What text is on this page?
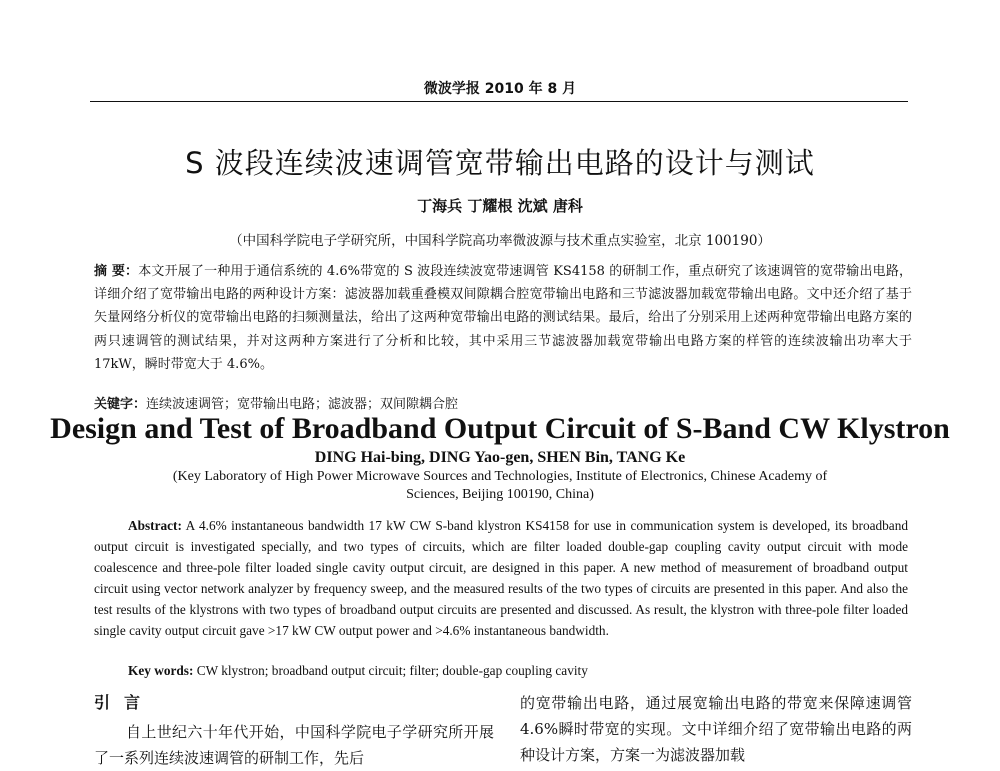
微波学报 2010 年 8 月
S 波段连续波速调管宽带输出电路的设计与测试
丁海兵 丁耀根 沈斌 唐科
（中国科学院电子学研究所，中国科学院高功率微波源与技术重点实验室，北京 100190）
摘 要：本文开展了一种用于通信系统的 4.6%带宽的 S 波段连续波宽带速调管 KS4158 的研制工作，重点研究了该速调管的宽带输出电路，详细介绍了宽带输出电路的两种设计方案：滤波器加载重叠模双间隙耦合腔宽带输出电路和三节滤波器加载宽带输出电路。文中还介绍了基于矢量网络分析仪的宽带输出电路的扫频测量法，给出了这两种宽带输出电路的测试结果。最后，给出了分别采用上述两种宽带输出电路方案的两只速调管的测试结果，并对这两种方案进行了分析和比较，其中采用三节滤波器加载宽带输出电路方案的样管的连续波输出功率大于 17kW，瞬时带宽大于 4.6%。
关键字：连续波速调管；宽带输出电路；滤波器；双间隙耦合腔
Design and Test of Broadband Output Circuit of S-Band CW Klystron
DING Hai-bing, DING Yao-gen, SHEN Bin, TANG Ke
(Key Laboratory of High Power Microwave Sources and Technologies, Institute of Electronics, Chinese Academy of
Sciences, Beijing 100190, China)
Abstract: A 4.6% instantaneous bandwidth 17 kW CW S-band klystron KS4158 for use in communication system is developed, its broadband output circuit is investigated specially, and two types of circuits, which are filter loaded double-gap coupling cavity output circuit with mode coalescence and three-pole filter loaded single cavity output circuit, are designed in this paper. A new method of measurement of broadband output circuit using vector network analyzer by frequency sweep, and the measured results of the two types of circuits are presented in this paper. And also the test results of the klystrons with two types of broadband output circuits are presented and discussed. As result, the klystron with three-pole filter loaded single cavity output circuit gave >17 kW CW output power and >4.6% instantaneous bandwidth.
Key words: CW klystron; broadband output circuit; filter; double-gap coupling cavity
引言
自上世纪六十年代开始，中国科学院电子学研究所开展了一系列连续波速调管的研制工作，先后
的宽带输出电路，通过展宽输出电路的带宽来保障速调管 4.6%瞬时带宽的实现。文中详细介绍了宽带输出电路的两种设计方案，方案一为滤波器加载
